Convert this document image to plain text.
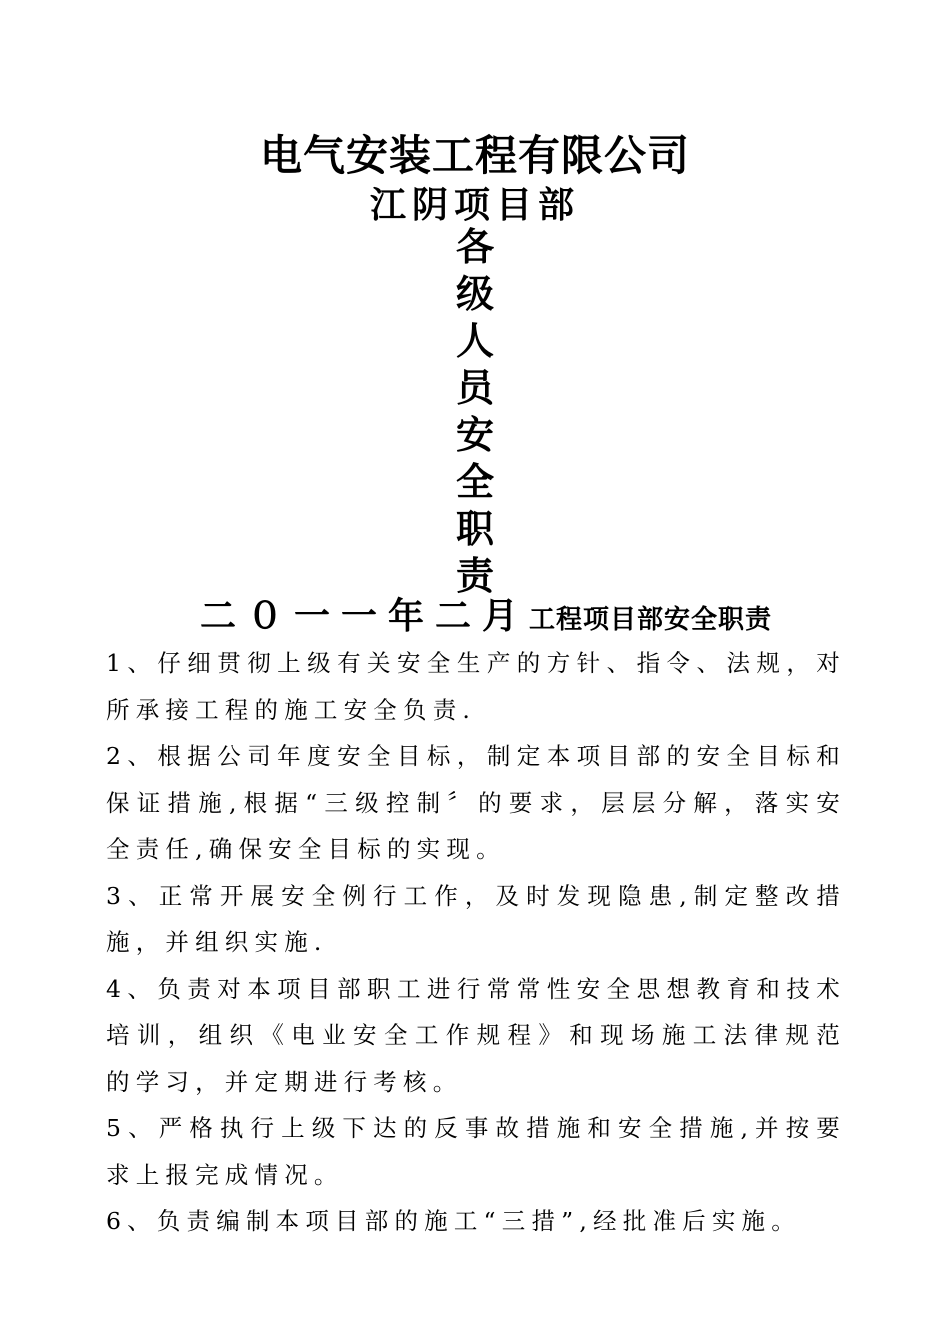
电气安装工程有限公司
江阴项目部
各
级
人
员
安
全
职
责
二０一一年二月工程项目部安全职责
1、仔细贯彻上级有关安全生产的方针、指令、法规，对所承接工程的施工安全负责.
2、根据公司年度安全目标，制定本项目部的安全目标和保证措施,根据“三级控制〞的要求，层层分解，落实安全责任,确保安全目标的实现。
3、正常开展安全例行工作，及时发现隐患,制定整改措施，并组织实施.
4、负责对本项目部职工进行常常性安全思想教育和技术培训，组织《电业安全工作规程》和现场施工法律规范的学习，并定期进行考核。
5、严格执行上级下达的反事故措施和安全措施,并按要求上报完成情况。
6、负责编制本项目部的施工“三措”,经批准后实施。
